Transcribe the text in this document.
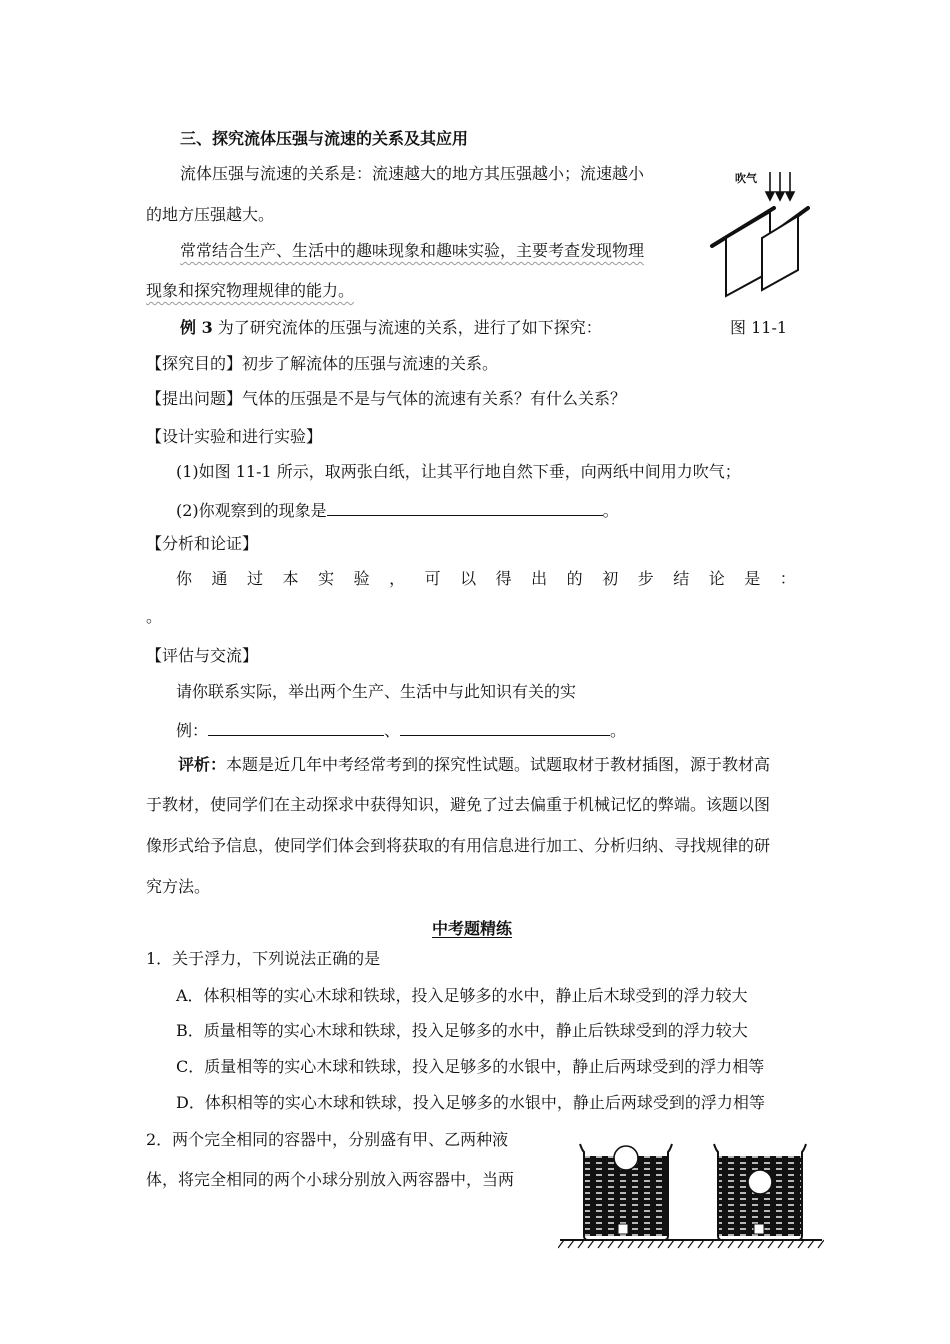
三、探究流体压强与流速的关系及其应用
流体压强与流速的关系是：流速越大的地方其压强越小；流速越小
的地方压强越大。
常常结合生产、生活中的趣味现象和趣味实验，主要考查发现物理
现象和探究物理规律的能力。
吹气
图 11-1
例 3 为了研究流体的压强与流速的关系，进行了如下探究：
【探究目的】初步了解流体的压强与流速的关系。
【提出问题】气体的压强是不是与气体的流速有关系？有什么关系？
【设计实验和进行实验】
(1)如图 11-1 所示，取两张白纸，让其平行地自然下垂，向两纸中间用力吹气；
(2)你观察到的现象是	。
【分析和论证】
你 通 过 本 实 验 ， 可 以 得 出 的 初 步 结 论 是 ：
。
【评估与交流】
请你联系实际，举出两个生产、生活中与此知识有关的实
例：	、	。
评析：本题是近几年中考经常考到的探究性试题。试题取材于教材插图，源于教材高
于教材，使同学们在主动探求中获得知识，避免了过去偏重于机械记忆的弊端。该题以图
像形式给予信息，使同学们体会到将获取的有用信息进行加工、分析归纳、寻找规律的研
究方法。
中考题精练
1．关于浮力，下列说法正确的是
A．体积相等的实心木球和铁球，投入足够多的水中，静止后木球受到的浮力较大
B．质量相等的实心木球和铁球，投入足够多的水中，静止后铁球受到的浮力较大
C．质量相等的实心木球和铁球，投入足够多的水银中，静止后两球受到的浮力相等
D．体积相等的实心木球和铁球，投入足够多的水银中，静止后两球受到的浮力相等
2．两个完全相同的容器中，分别盛有甲、乙两种液
体，将完全相同的两个小球分别放入两容器中，当两
